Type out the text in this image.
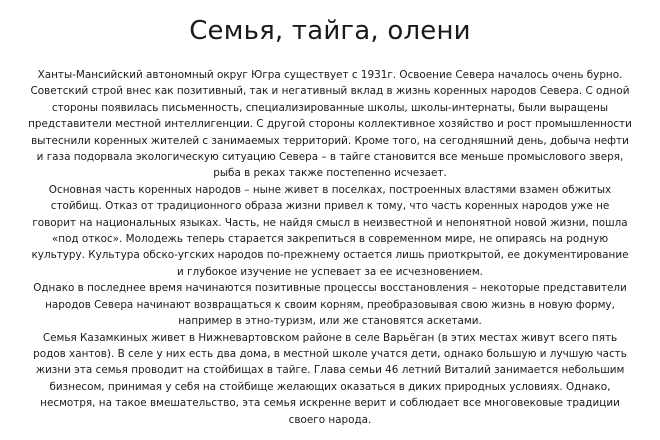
Семья, тайга, олени

Ханты-Мансийский автономный округ Югра существует с 1931г. Освоение Севера началось очень бурно. Советский строй внес как позитивный, так и негативный вклад в жизнь коренных народов Севера. С одной стороны появилась письменность, специализированные школы, школы-интернаты, были выращены представители местной интеллигенции. С другой стороны коллективное хозяйство и рост промышленности вытеснили коренных жителей с занимаемых территорий. Кроме того, на сегодняшний день, добыча нефти и газа подорвала экологическую ситуацию Севера – в тайге становится все меньше промыслового зверя, рыба в реках также постепенно исчезает.

Основная часть коренных народов – ныне живет в поселках, построенных властями взамен обжитых стойбищ. Отказ от традиционного образа жизни привел к тому, что часть коренных народов уже не говорит на национальных языках. Часть, не найдя смысл в неизвестной и непонятной новой жизни, пошла «под откос». Молодежь теперь старается закрепиться в современном мире, не опираясь на родную культуру. Культура обско-угских народов по-прежнему остается лишь приоткрытой, ее документирование и глубокое изучение не успевает за ее исчезновением.

Однако в последнее время начинаются позитивные процессы восстановления – некоторые представители народов Севера начинают возвращаться к своим корням, преобразовывая свою жизнь в новую форму, например в этно-туризм, или же становятся аскетами.

Семья Казамкиных живет в Нижневартовском районе в селе Варьёган (в этих местах живут всего пять родов хантов). В селе у них есть два дома, в местной школе учатся дети, однако большую и лучшую часть жизни эта семья проводит на стойбищах в тайге. Глава семьи 46 летний Виталий занимается небольшим бизнесом, принимая у себя на стойбище желающих оказаться в диких природных условиях. Однако, несмотря, на такое вмешательство, эта семья искренне верит и соблюдает все многовековые традиции своего народа.
